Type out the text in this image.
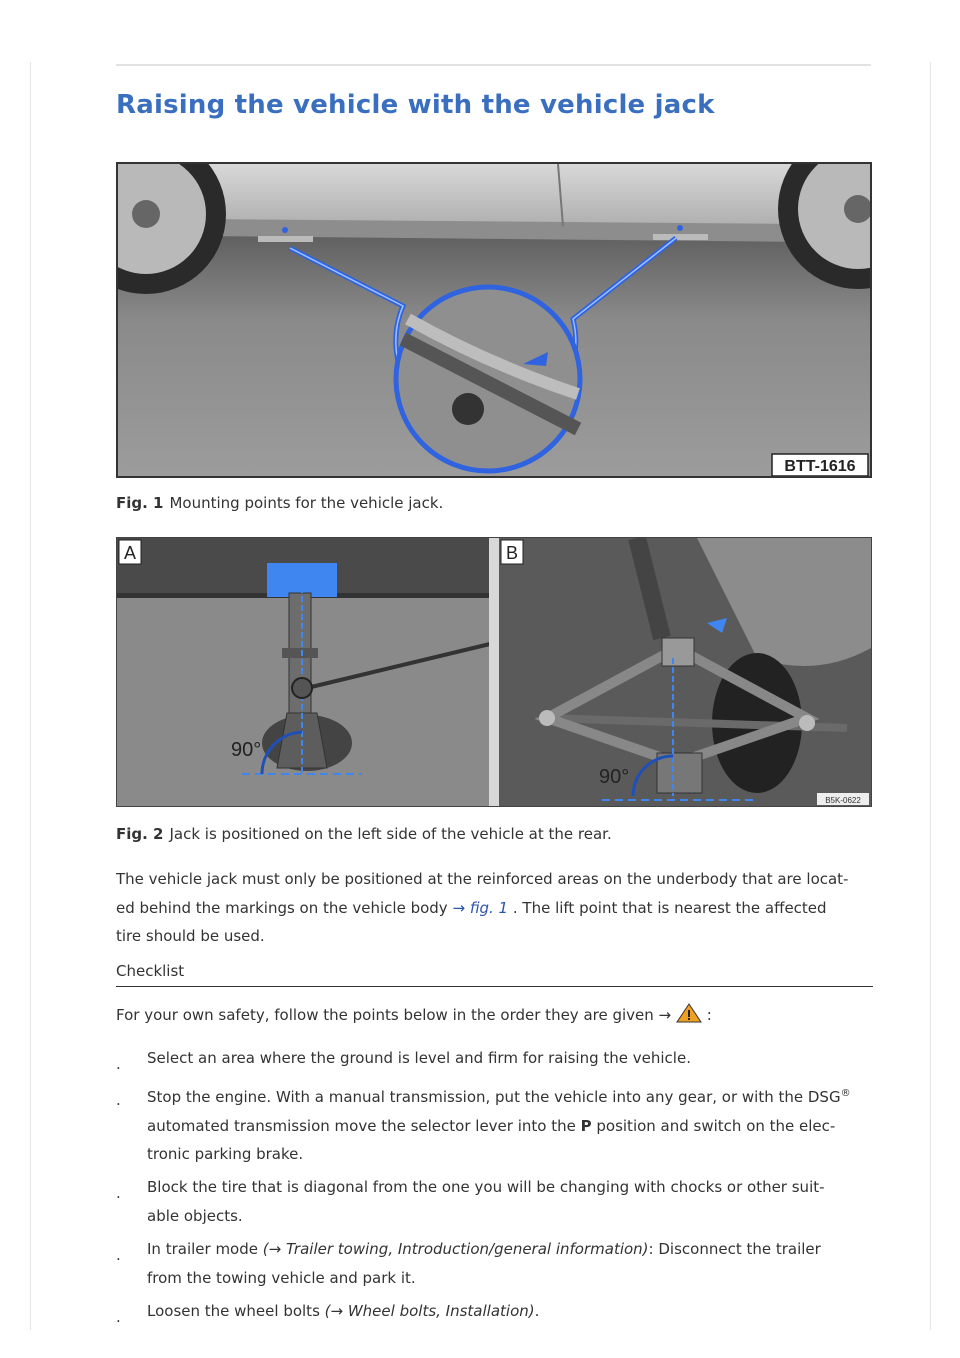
Raising the vehicle with the vehicle jack
BTT-1616
Fig. 1 Mounting points for the vehicle jack.
90°
A
90°
B
B5K-0622
Fig. 2 Jack is positioned on the left side of the vehicle at the rear.
The vehicle jack must only be positioned at the reinforced areas on the underbody that are locat-
ed behind the markings on the vehicle body → fig. 1 . The lift point that is nearest the affected
tire should be used.
Checklist
For your own safety, follow the points below in the order they are given → :
. Select an area where the ground is level and firm for raising the vehicle.
. Stop the engine. With a manual transmission, put the vehicle into any gear, or with the DSG®
automated transmission move the selector lever into the P position and switch on the elec-
tronic parking brake.
. Block the tire that is diagonal from the one you will be changing with chocks or other suit-
able objects.
. In trailer mode (→ Trailer towing, Introduction/general information): Disconnect the trailer
from the towing vehicle and park it.
. Loosen the wheel bolts (→ Wheel bolts, Installation).
